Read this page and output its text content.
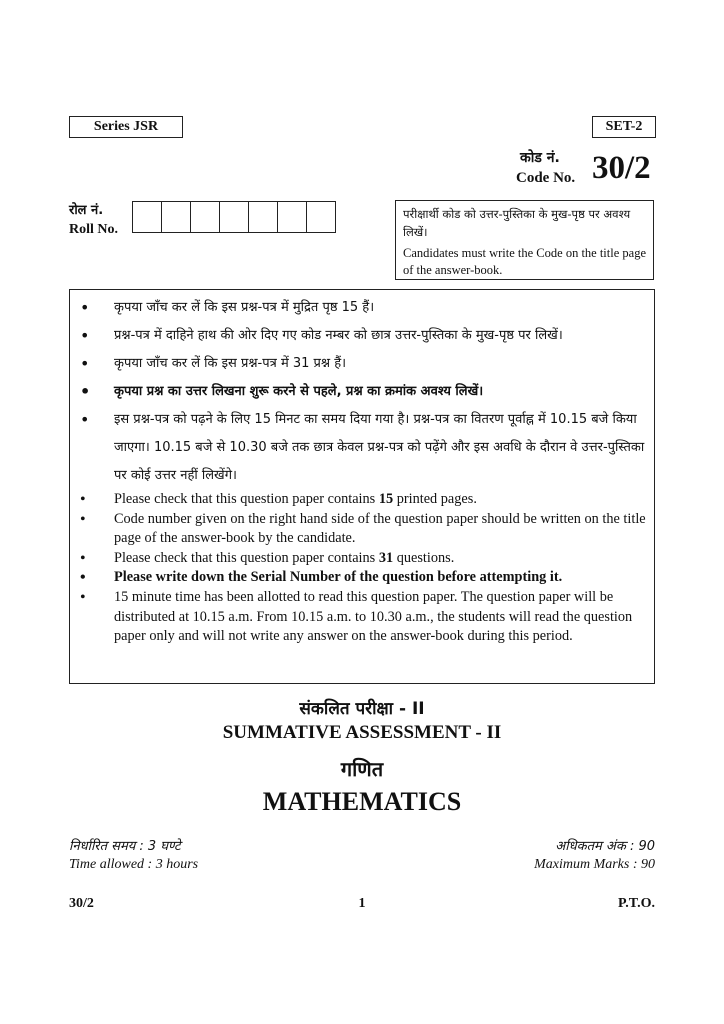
Series JSR	SET-2
कोड नं.
Code No. 30/2
रोल नं.
Roll No.
परीक्षार्थी कोड को उत्तर-पुस्तिका के मुख-पृष्ठ पर अवश्य लिखें।
Candidates must write the Code on the title page of the answer-book.
• कृपया जाँच कर लें कि इस प्रश्न-पत्र में मुद्रित पृष्ठ 15 हैं।
• प्रश्न-पत्र में दाहिने हाथ की ओर दिए गए कोड नम्बर को छात्र उत्तर-पुस्तिका के मुख-पृष्ठ पर लिखें।
• कृपया जाँच कर लें कि इस प्रश्न-पत्र में 31 प्रश्न हैं।
• कृपया प्रश्न का उत्तर लिखना शुरू करने से पहले, प्रश्न का क्रमांक अवश्य लिखें।
• इस प्रश्न-पत्र को पढ़ने के लिए 15 मिनट का समय दिया गया है। प्रश्न-पत्र का वितरण पूर्वाह्न में 10.15 बजे किया जाएगा। 10.15 बजे से 10.30 बजे तक छात्र केवल प्रश्न-पत्र को पढ़ेंगे और इस अवधि के दौरान वे उत्तर-पुस्तिका पर कोई उत्तर नहीं लिखेंगे।
• Please check that this question paper contains 15 printed pages.
• Code number given on the right hand side of the question paper should be written on the title page of the answer-book by the candidate.
• Please check that this question paper contains 31 questions.
• Please write down the Serial Number of the question before attempting it.
• 15 minute time has been allotted to read this question paper. The question paper will be distributed at 10.15 a.m. From 10.15 a.m. to 10.30 a.m., the students will read the question paper only and will not write any answer on the answer-book during this period.
संकलित परीक्षा - II
SUMMATIVE ASSESSMENT - II
गणित
MATHEMATICS
निर्धारित समय : 3 घण्टे
Time allowed : 3 hours
अधिकतम अंक : 90
Maximum Marks : 90
30/2	1	P.T.O.
